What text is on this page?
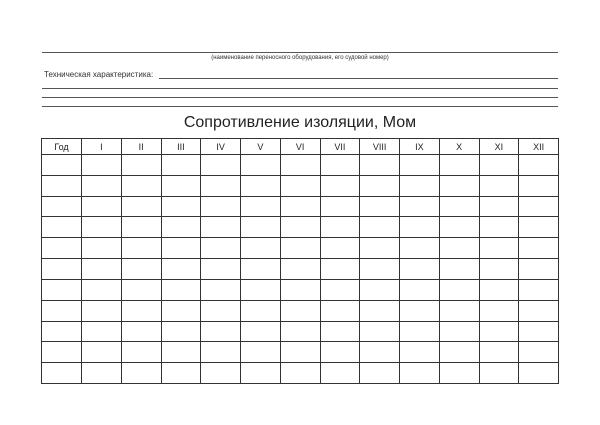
(наименование переносного оборудования, его судовой номер)
Техническая характеристика:
Сопротивление изоляции, Мом
Год	I	II	III	IV	V	VI	VII	VIII	IX	X	XI	XII
